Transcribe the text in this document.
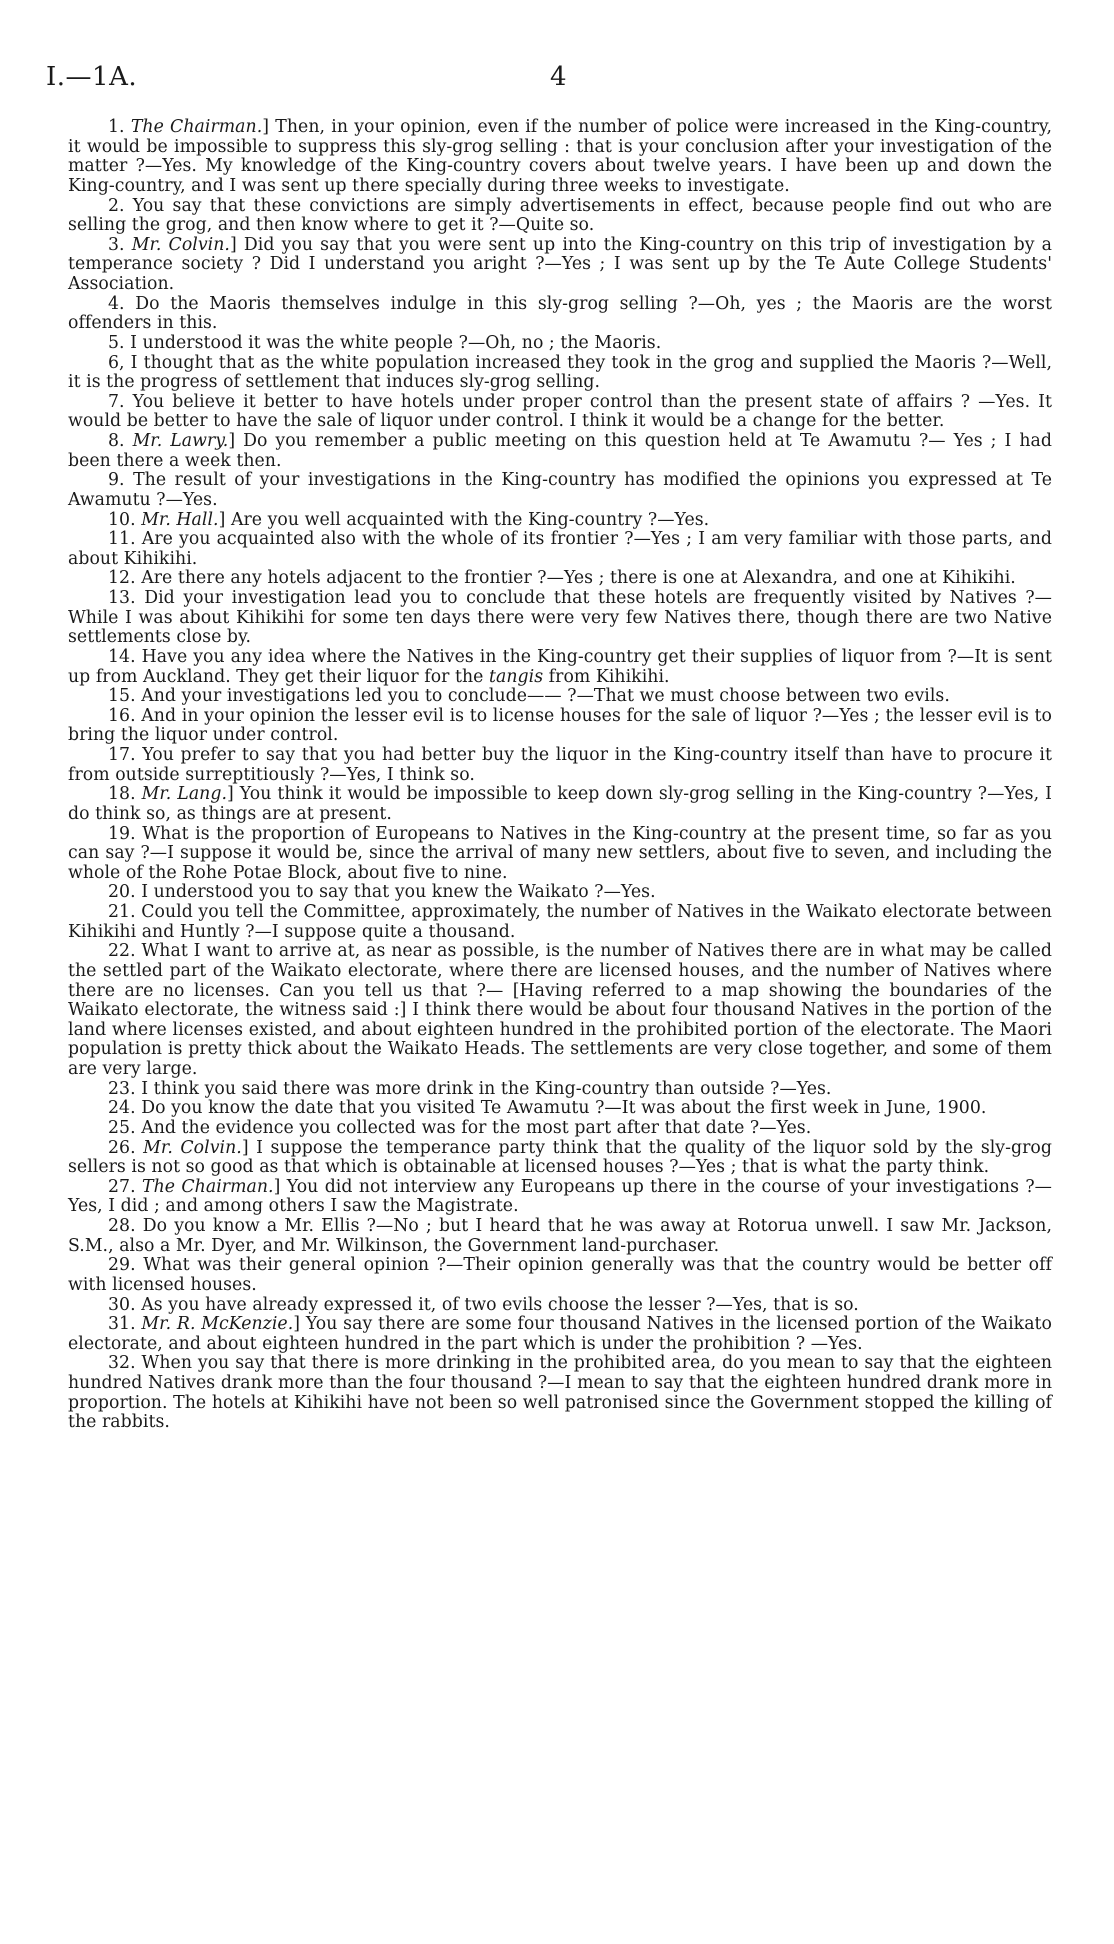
I.—1A.	4

1. The Chairman.] Then, in your opinion, even if the number of police were increased in the King-country, it would be impossible to suppress this sly-grog selling : that is your conclusion after your investigation of the matter ?—Yes. My knowledge of the King-country covers about twelve years. I have been up and down the King-country, and I was sent up there specially during three weeks to investigate.

2. You say that these convictions are simply advertisements in effect, because people find out who are selling the grog, and then know where to get it ?—Quite so.

3. Mr. Colvin.] Did you say that you were sent up into the King-country on this trip of investigation by a temperance society ? Did I understand you aright ?—Yes ; I was sent up by the Te Aute College Students' Association.

4. Do the Maoris themselves indulge in this sly-grog selling ?—Oh, yes ; the Maoris are the worst offenders in this.

5. I understood it was the white people ?—Oh, no ; the Maoris.

6, I thought that as the white population increased they took in the grog and supplied the Maoris ?—Well, it is the progress of settlement that induces sly-grog selling.

7. You believe it better to have hotels under proper control than the present state of affairs ? —Yes. It would be better to have the sale of liquor under control. I think it would be a change for the better.

8. Mr. Lawry.] Do you remember a public meeting on this question held at Te Awamutu ?— Yes ; I had been there a week then.

9. The result of your investigations in the King-country has modified the opinions you expressed at Te Awamutu ?—Yes.

10. Mr. Hall.] Are you well acquainted with the King-country ?—Yes.

11. Are you acquainted also with the whole of its frontier ?—Yes ; I am very familiar with those parts, and about Kihikihi.

12. Are there any hotels adjacent to the frontier ?—Yes ; there is one at Alexandra, and one at Kihikihi.

13. Did your investigation lead you to conclude that these hotels are frequently visited by Natives ?—While I was about Kihikihi for some ten days there were very few Natives there, though there are two Native settlements close by.

14. Have you any idea where the Natives in the King-country get their supplies of liquor from ?—It is sent up from Auckland. They get their liquor for the tangis from Kihikihi.

15. And your investigations led you to conclude—— ?—That we must choose between two evils.

16. And in your opinion the lesser evil is to license houses for the sale of liquor ?—Yes ; the lesser evil is to bring the liquor under control.

17. You prefer to say that you had better buy the liquor in the King-country itself than have to procure it from outside surreptitiously ?—Yes, I think so.

18. Mr. Lang.] You think it would be impossible to keep down sly-grog selling in the King-country ?—Yes, I do think so, as things are at present.

19. What is the proportion of Europeans to Natives in the King-country at the present time, so far as you can say ?—I suppose it would be, since the arrival of many new settlers, about five to seven, and including the whole of the Rohe Potae Block, about five to nine.

20. I understood you to say that you knew the Waikato ?—Yes.

21. Could you tell the Committee, approximately, the number of Natives in the Waikato electorate between Kihikihi and Huntly ?—I suppose quite a thousand.

22. What I want to arrive at, as near as possible, is the number of Natives there are in what may be called the settled part of the Waikato electorate, where there are licensed houses, and the number of Natives where there are no licenses. Can you tell us that ?— [Having referred to a map showing the boundaries of the Waikato electorate, the witness said :] I think there would be about four thousand Natives in the portion of the land where licenses existed, and about eighteen hundred in the prohibited portion of the electorate. The Maori population is pretty thick about the Waikato Heads. The settlements are very close together, and some of them are very large.

23. I think you said there was more drink in the King-country than outside ?—Yes.

24. Do you know the date that you visited Te Awamutu ?—It was about the first week in June, 1900.

25. And the evidence you collected was for the most part after that date ?—Yes.

26. Mr. Colvin.] I suppose the temperance party think that the quality of the liquor sold by the sly-grog sellers is not so good as that which is obtainable at licensed houses ?—Yes ; that is what the party think.

27. The Chairman.] You did not interview any Europeans up there in the course of your investigations ?—Yes, I did ; and among others I saw the Magistrate.

28. Do you know a Mr. Ellis ?—No ; but I heard that he was away at Rotorua unwell. I saw Mr. Jackson, S.M., also a Mr. Dyer, and Mr. Wilkinson, the Government land-purchaser.

29. What was their general opinion ?—Their opinion generally was that the country would be better off with licensed houses.

30. As you have already expressed it, of two evils choose the lesser ?—Yes, that is so.

31. Mr. R. McKenzie.] You say there are some four thousand Natives in the licensed portion of the Waikato electorate, and about eighteen hundred in the part which is under the prohibition ? —Yes.

32. When you say that there is more drinking in the prohibited area, do you mean to say that the eighteen hundred Natives drank more than the four thousand ?—I mean to say that the eighteen hundred drank more in proportion. The hotels at Kihikihi have not been so well patronised since the Government stopped the killing of the rabbits.
